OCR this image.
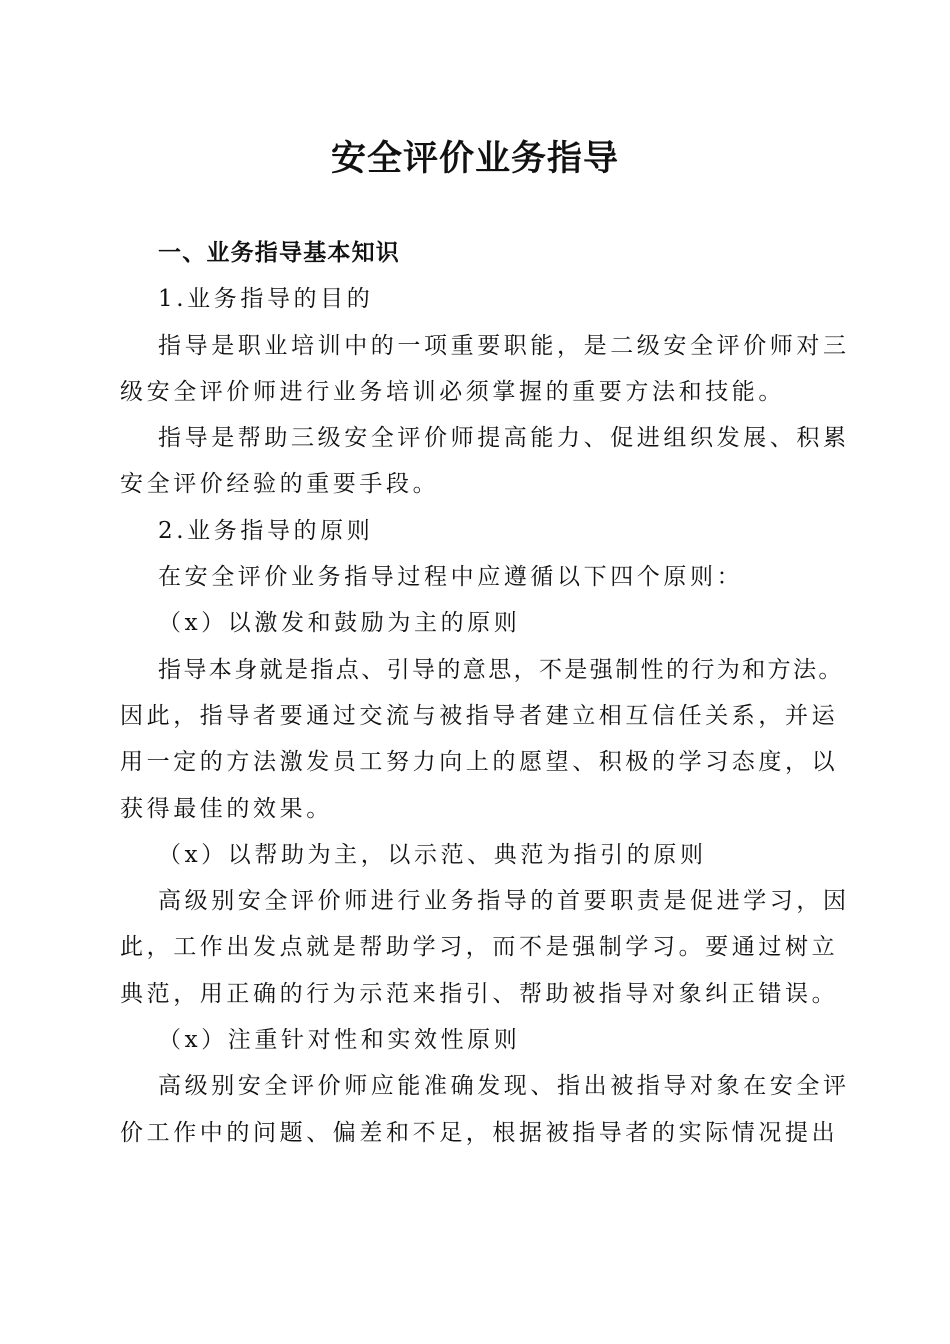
安全评价业务指导

一、业务指导基本知识

1.业务指导的目的

指导是职业培训中的一项重要职能，是二级安全评价师对三

级安全评价师进行业务培训必须掌握的重要方法和技能。

指导是帮助三级安全评价师提高能力、促进组织发展、积累

安全评价经验的重要手段。

2.业务指导的原则

在安全评价业务指导过程中应遵循以下四个原则：

（x）以激发和鼓励为主的原则

指导本身就是指点、引导的意思，不是强制性的行为和方法。

因此，指导者要通过交流与被指导者建立相互信任关系，并运

用一定的方法激发员工努力向上的愿望、积极的学习态度，以

获得最佳的效果。

（x）以帮助为主，以示范、典范为指引的原则

高级别安全评价师进行业务指导的首要职责是促进学习，因

此，工作出发点就是帮助学习，而不是强制学习。要通过树立

典范，用正确的行为示范来指引、帮助被指导对象纠正错误。

（x）注重针对性和实效性原则

高级别安全评价师应能准确发现、指出被指导对象在安全评

价工作中的问题、偏差和不足，根据被指导者的实际情况提出
